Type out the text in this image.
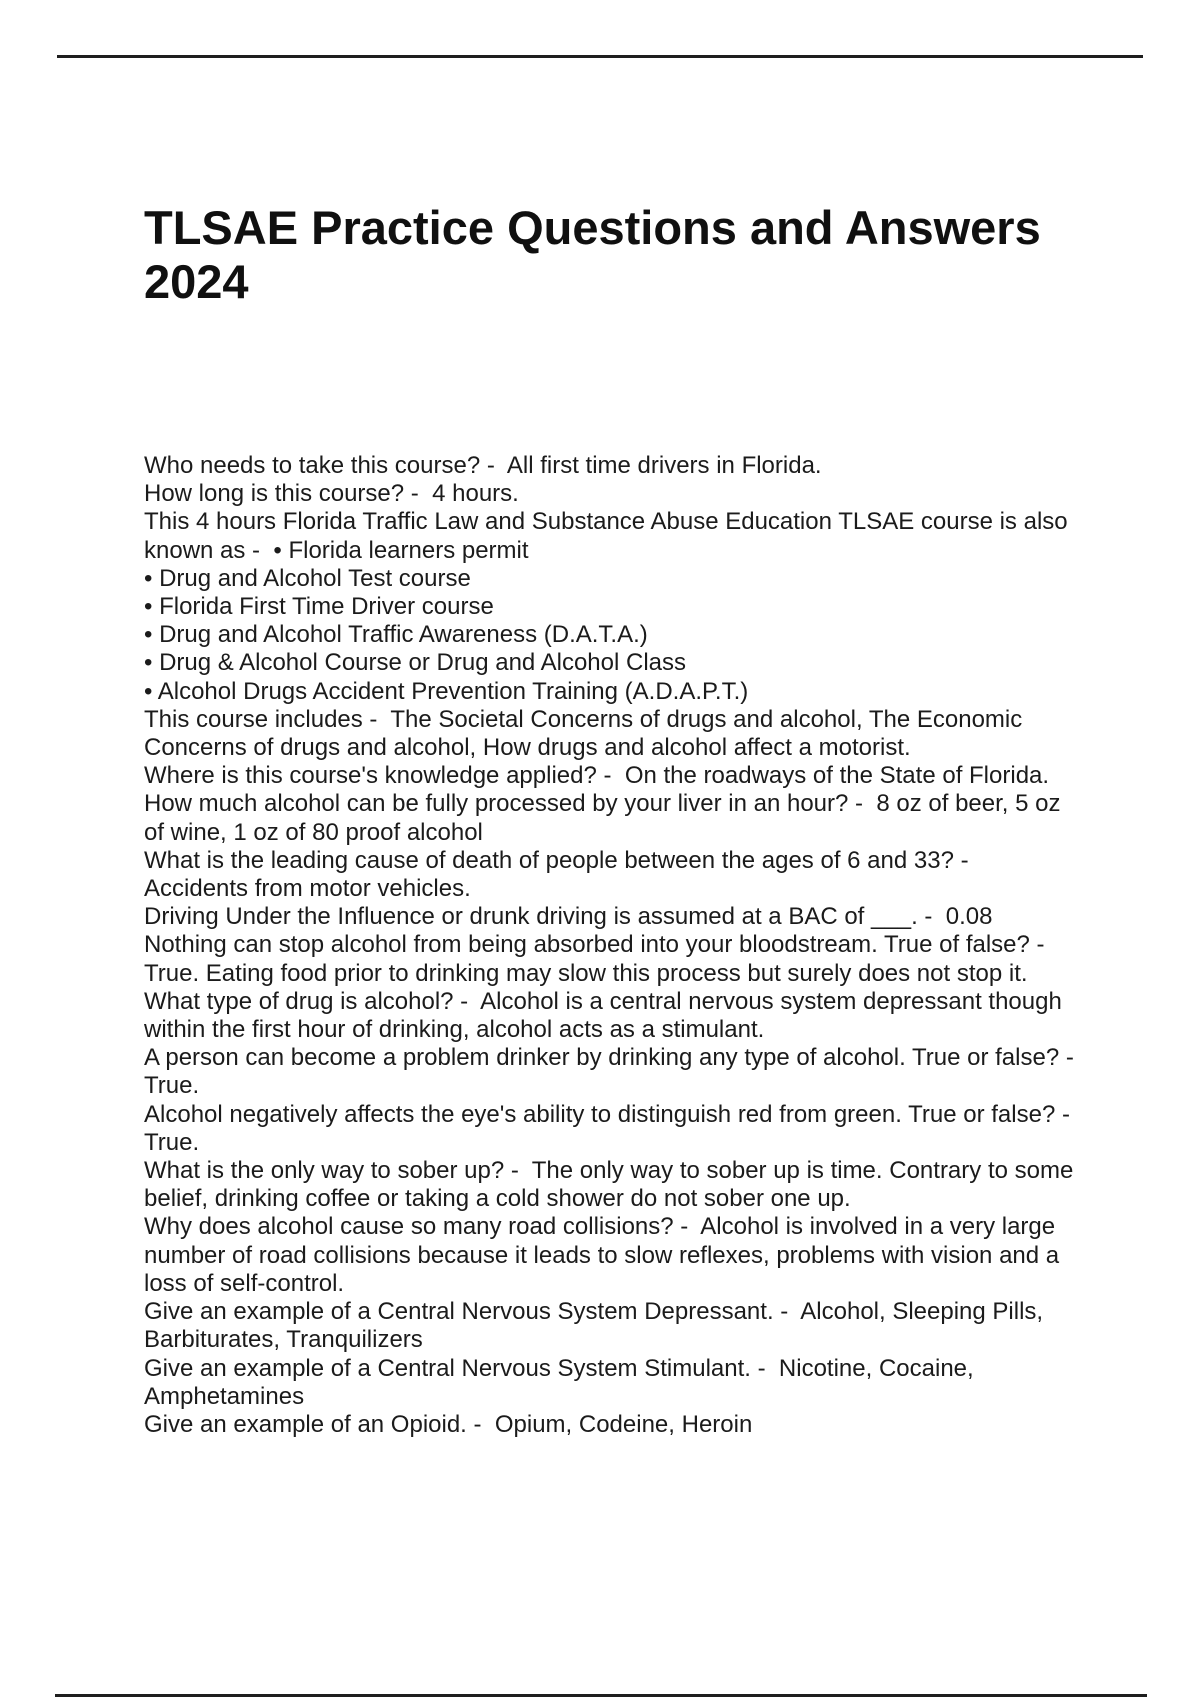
TLSAE Practice Questions and Answers 2024
Who needs to take this course? -  All first time drivers in Florida.
How long is this course? -  4 hours.
This 4 hours Florida Traffic Law and Substance Abuse Education TLSAE course is also known as -  • Florida learners permit
• Drug and Alcohol Test course
• Florida First Time Driver course
• Drug and Alcohol Traffic Awareness (D.A.T.A.)
• Drug & Alcohol Course or Drug and Alcohol Class
• Alcohol Drugs Accident Prevention Training (A.D.A.P.T.)
This course includes -  The Societal Concerns of drugs and alcohol, The Economic Concerns of drugs and alcohol, How drugs and alcohol affect a motorist.
Where is this course's knowledge applied? -  On the roadways of the State of Florida.
How much alcohol can be fully processed by your liver in an hour? -  8 oz of beer, 5 oz of wine, 1 oz of 80 proof alcohol
What is the leading cause of death of people between the ages of 6 and 33? -  Accidents from motor vehicles.
Driving Under the Influence or drunk driving is assumed at a BAC of ___. -  0.08
Nothing can stop alcohol from being absorbed into your bloodstream. True of false? -  True. Eating food prior to drinking may slow this process but surely does not stop it.
What type of drug is alcohol? -  Alcohol is a central nervous system depressant though within the first hour of drinking, alcohol acts as a stimulant.
A person can become a problem drinker by drinking any type of alcohol. True or false? -  True.
Alcohol negatively affects the eye's ability to distinguish red from green. True or false? -  True.
What is the only way to sober up? -  The only way to sober up is time. Contrary to some belief, drinking coffee or taking a cold shower do not sober one up.
Why does alcohol cause so many road collisions? -  Alcohol is involved in a very large number of road collisions because it leads to slow reflexes, problems with vision and a loss of self-control.
Give an example of a Central Nervous System Depressant. -  Alcohol, Sleeping Pills, Barbiturates, Tranquilizers
Give an example of a Central Nervous System Stimulant. -  Nicotine, Cocaine, Amphetamines
Give an example of an Opioid. -  Opium, Codeine, Heroin
